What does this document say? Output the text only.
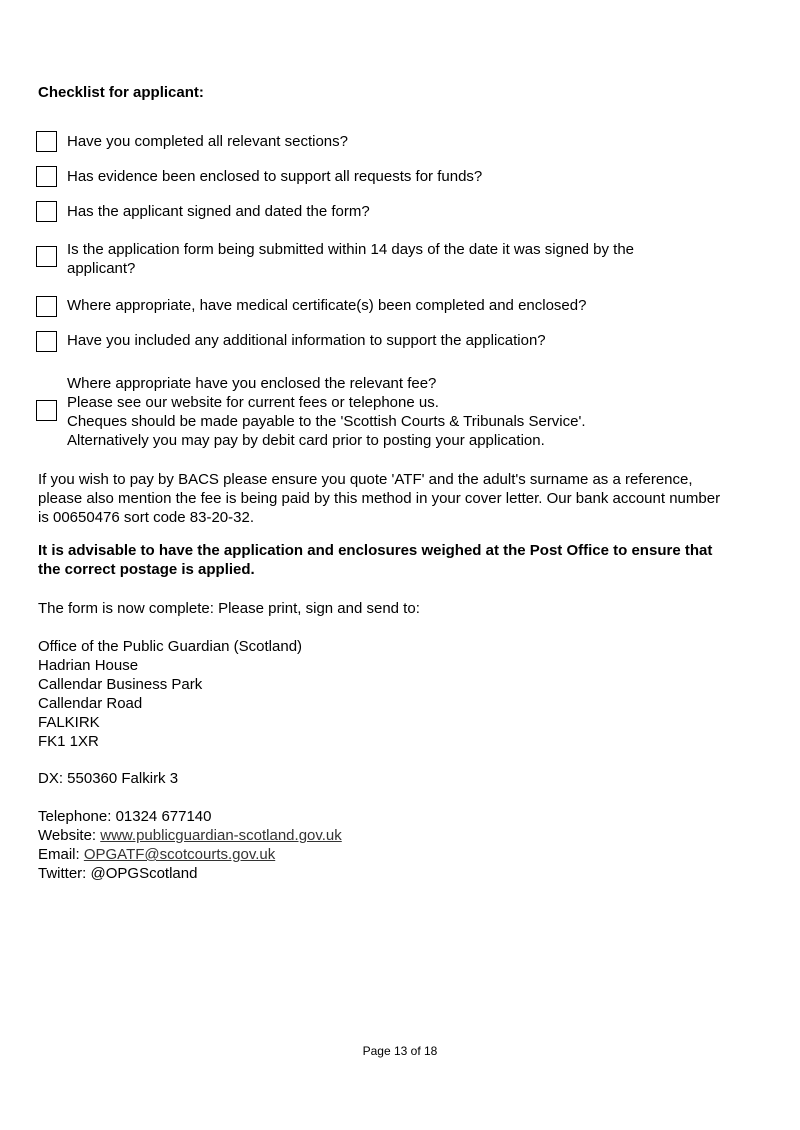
Checklist for applicant:
Have you completed all relevant sections?
Has evidence been enclosed to support all requests for funds?
Has the applicant signed and dated the form?
Is the application form being submitted within 14 days of the date it was signed by the
applicant?
Where appropriate, have medical certificate(s) been completed and enclosed?
Have you included any additional information to support the application?
Where appropriate have you enclosed the relevant fee?
Please see our website for current fees or telephone us.
Cheques should be made payable to the 'Scottish Courts & Tribunals Service'.
Alternatively you may pay by debit card prior to posting your application.
If you wish to pay by BACS please ensure you quote 'ATF' and the adult's surname as a reference,
please also mention the fee is being paid by this method in your cover letter. Our bank account number
is 00650476 sort code 83-20-32.
It is advisable to have the application and enclosures weighed at the Post Office to ensure that
the correct postage is applied.
The form is now complete: Please print, sign and send to:
Office of the Public Guardian (Scotland)
Hadrian House
Callendar Business Park
Callendar Road
FALKIRK
FK1 1XR
DX: 550360 Falkirk 3
Telephone: 01324 677140
Website: www.publicguardian-scotland.gov.uk
Email: OPGATF@scotcourts.gov.uk
Twitter: @OPGScotland
Page 13 of 18
